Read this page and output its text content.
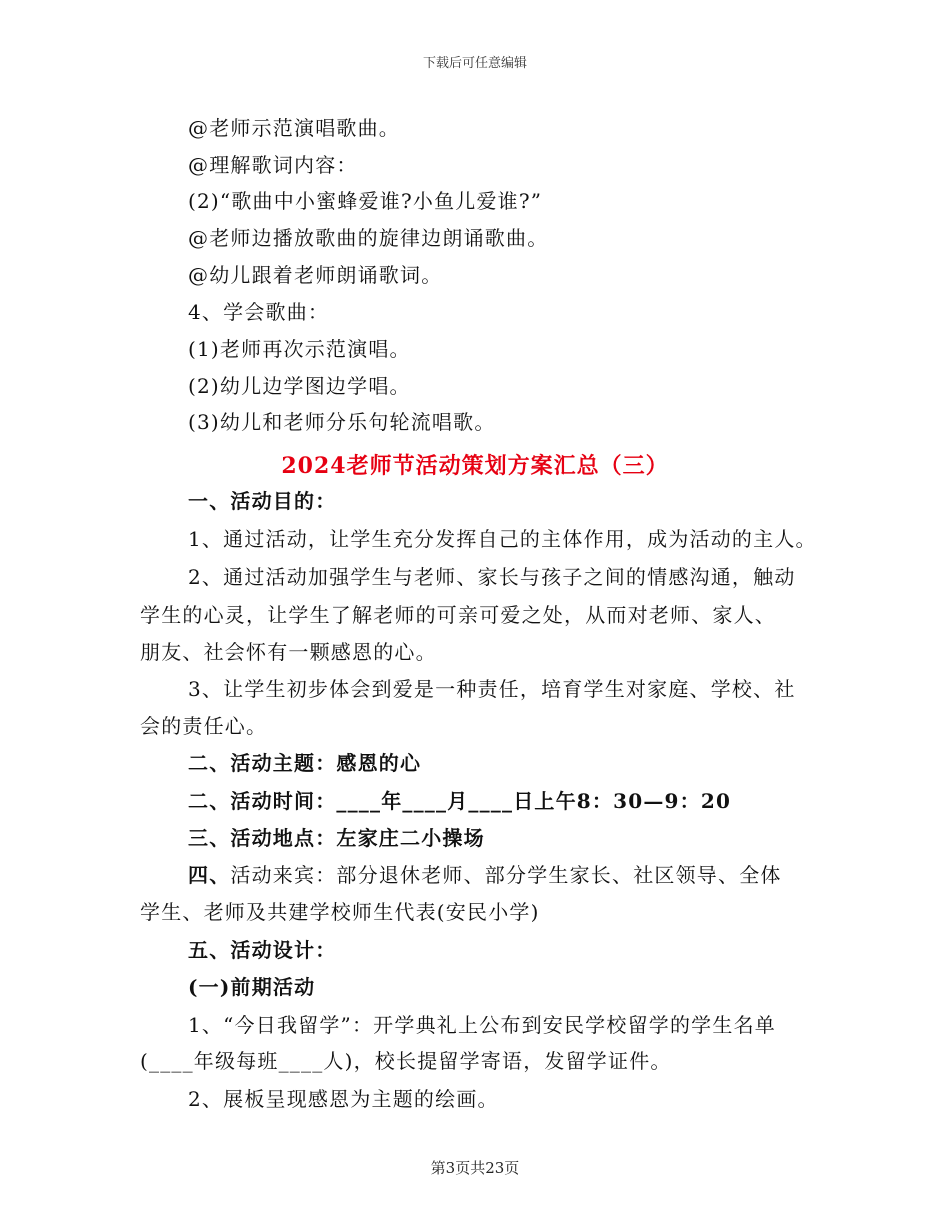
下载后可任意编辑
@老师示范演唱歌曲。
@理解歌词内容：
(2)“歌曲中小蜜蜂爱谁?小鱼儿爱谁?”
@老师边播放歌曲的旋律边朗诵歌曲。
@幼儿跟着老师朗诵歌词。
4、学会歌曲：
(1)老师再次示范演唱。
(2)幼儿边学图边学唱。
(3)幼儿和老师分乐句轮流唱歌。
2024老师节活动策划方案汇总（三）
一、活动目的：
1、通过活动，让学生充分发挥自己的主体作用，成为活动的主人。
2、通过活动加强学生与老师、家长与孩子之间的情感沟通，触动
学生的心灵，让学生了解老师的可亲可爱之处，从而对老师、家人、
朋友、社会怀有一颗感恩的心。
3、让学生初步体会到爱是一种责任，培育学生对家庭、学校、社
会的责任心。
二、活动主题：感恩的心
二、活动时间：____年____月____日上午8：30—9：20
三、活动地点：左家庄二小操场
四、活动来宾：部分退休老师、部分学生家长、社区领导、全体
学生、老师及共建学校师生代表(安民小学)
五、活动设计：
(一)前期活动
1、“今日我留学”：开学典礼上公布到安民学校留学的学生名单
(____年级每班____人)，校长提留学寄语，发留学证件。
2、展板呈现感恩为主题的绘画。
第3页共23页
